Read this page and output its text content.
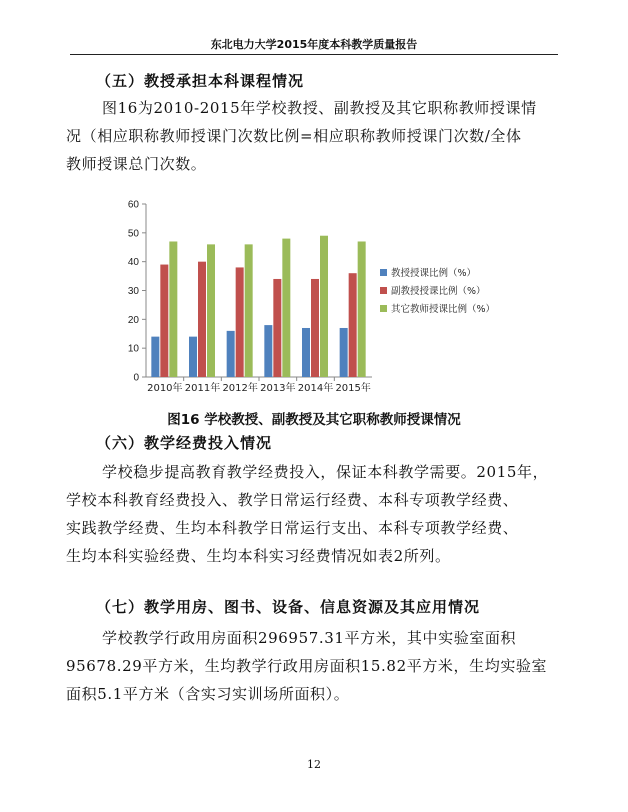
东北电力大学2015年度本科教学质量报告
（五）教授承担本科课程情况
图16为2010-2015年学校教授、副教授及其它职称教师授课情
况（相应职称教师授课门次数比例=相应职称教师授课门次数/全体
教师授课总门次数。
0
10
20
30
40
50
60
2010年 2011年 2012年 2013年 2014年 2015年
教授授课比例（%）
副教授授课比例（%）
其它教师授课比例（%）
图16 学校教授、副教授及其它职称教师授课情况
（六）教学经费投入情况
学校稳步提高教育教学经费投入，保证本科教学需要。2015年，
学校本科教育经费投入、教学日常运行经费、本科专项教学经费、
实践教学经费、生均本科教学日常运行支出、本科专项教学经费、
生均本科实验经费、生均本科实习经费情况如表2所列。
（七）教学用房、图书、设备、信息资源及其应用情况
学校教学行政用房面积296957.31平方米，其中实验室面积
95678.29平方米，生均教学行政用房面积15.82平方米，生均实验室
面积5.1平方米（含实习实训场所面积）。
12
